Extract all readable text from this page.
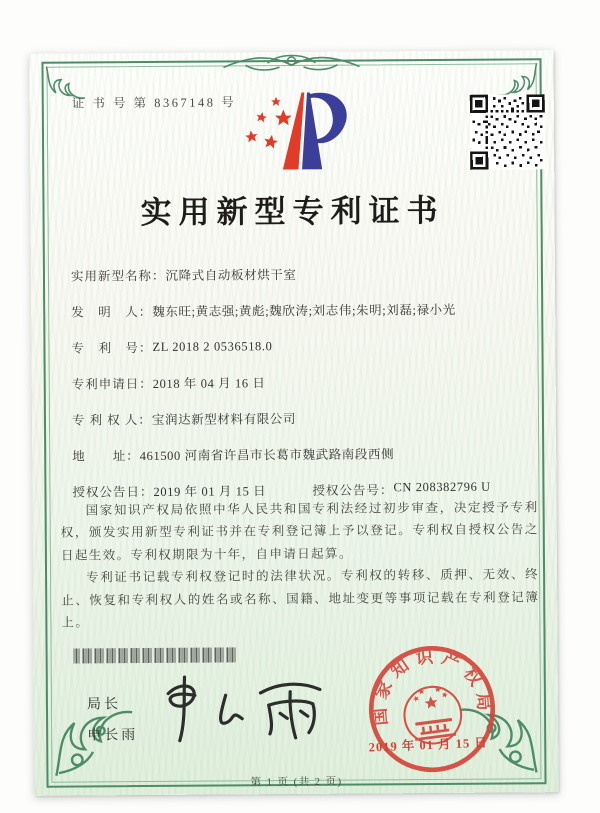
证 书 号 第 8367148 号
实用新型专利证书
实用新型名称： 沉降式自动板材烘干室
发　明　人： 魏东旺;黄志强;黄彪;魏欣涛;刘志伟;朱明;刘磊;禄小光
专　利　号： ZL 2018 2 0536518.0
专利申请日： 2018 年 04 月 16 日
专 利 权 人： 宝润达新型材料有限公司
地　　址： 461500 河南省许昌市长葛市魏武路南段西侧
授权公告日： 2019 年 01 月 15 日	授权公告号： CN 208382796 U

国家知识产权局依照中华人民共和国专利法经过初步审查，决定授予专利权，颁发实用新型专利证书并在专利登记簿上予以登记。专利权自授权公告之日起生效。专利权期限为十年，自申请日起算。

专利证书记载专利权登记时的法律状况。专利权的转移、质押、无效、终止、恢复和专利权人的姓名或名称、国籍、地址变更等事项记载在专利登记簿上。

局长
申长雨
国家知识产权局
2019 年 01 月 15 日
第 1 页 (共 2 页)
